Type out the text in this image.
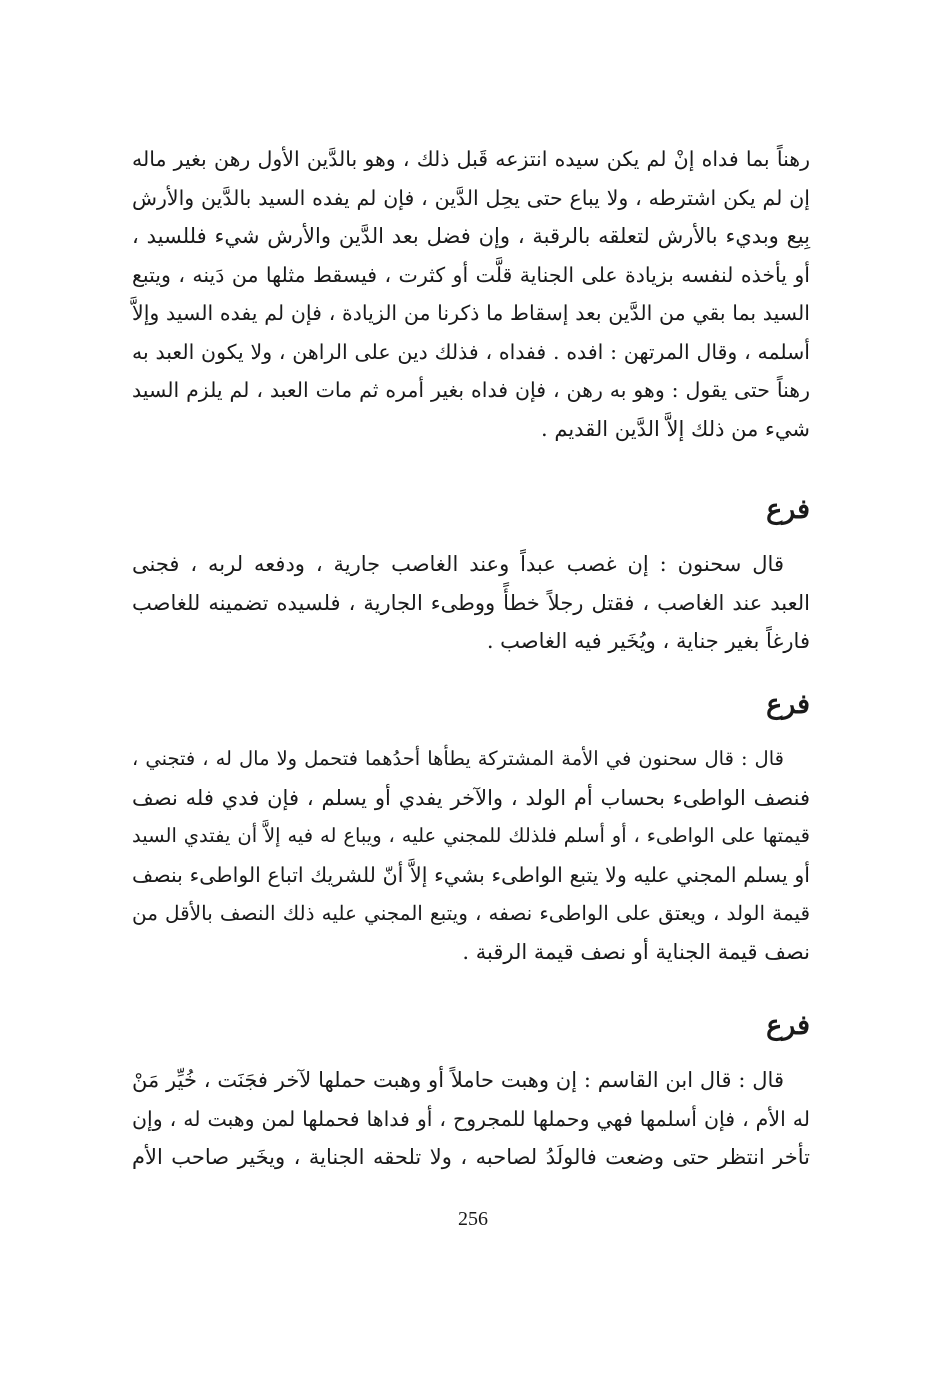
رهناً بما فداه إنْ لم يكن سيده انتزعه قَبل ذلك ، وهو بالدَّين الأول رهن بغير ماله
إن لم يكن اشترطه ، ولا يباع حتى يحِل الدَّين ، فإن لم يفده السيد بالدَّين والأرش
بِيع وبديء بالأرش لتعلقه بالرقبة ، وإن فضل بعد الدَّين والأرش شيء فللسيد ،
أو يأخذه لنفسه بزيادة على الجناية قلَّت أو كثرت ، فيسقط مثلها من دَينه ، ويتبع
السيد بما بقي من الدَّين بعد إسقاط ما ذكرنا من الزيادة ، فإن لم يفده السيد وإلاَّ
أسلمه ، وقال المرتهن : افده . ففداه ، فذلك دين على الراهن ، ولا يكون العبد به
رهناً حتى يقول : وهو به رهن ، فإن فداه بغير أمره ثم مات العبد ، لم يلزم السيد
شيء من ذلك إلاَّ الدَّين القديم .
فرع
قال سحنون : إن غصب عبداً وعند الغاصب جارية ، ودفعه لربه ، فجنى
العبد عند الغاصب ، فقتل رجلاً خطأً ووطىء الجارية ، فلسيده تضمينه للغاصب
فارغاً بغير جناية ، ويُخَير فيه الغاصب .
فرع
قال : قال سحنون في الأمة المشتركة يطأها أحدُهما فتحمل ولا مال له ، فتجني ،
فنصف الواطىء بحساب أم الولد ، والآخر يفدي أو يسلم ، فإن فدي فله نصف
قيمتها على الواطىء ، أو أسلم فلذلك للمجني عليه ، ويباع له فيه إلاَّ أن يفتدي السيد
أو يسلم المجني عليه ولا يتبع الواطىء بشيء إلاَّ أنّ للشريك اتباع الواطىء بنصف
قيمة الولد ، ويعتق على الواطىء نصفه ، ويتبع المجني عليه ذلك النصف بالأقل من
نصف قيمة الجناية أو نصف قيمة الرقبة .
فرع
قال : قال ابن القاسم : إن وهبت حاملاً أو وهبت حملها لآخر فجَنَت ، خُيِّر مَنْ
له الأم ، فإن أسلمها فهي وحملها للمجروح ، أو فداها فحملها لمن وهبت له ، وإن
تأخر انتظر حتى وضعت فالولَدُ لصاحبه ، ولا تلحقه الجناية ، ويخَير صاحب الأم
256
